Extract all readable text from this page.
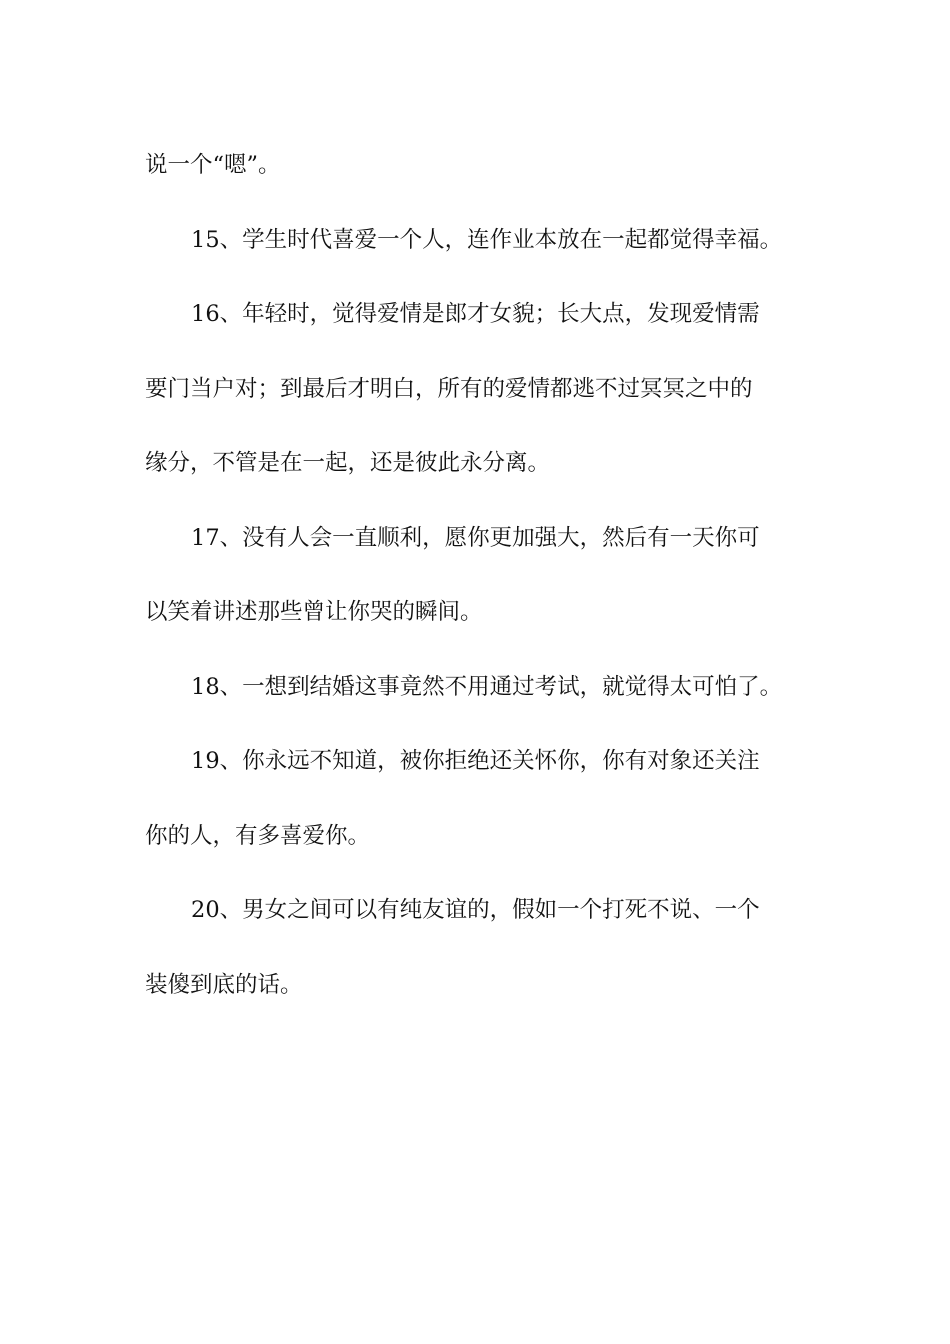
说一个“嗯”。
15、学生时代喜爱一个人，连作业本放在一起都觉得幸福。
16、年轻时，觉得爱情是郎才女貌；长大点，发现爱情需
要门当户对；到最后才明白，所有的爱情都逃不过冥冥之中的
缘分，不管是在一起，还是彼此永分离。
17、没有人会一直顺利，愿你更加强大，然后有一天你可
以笑着讲述那些曾让你哭的瞬间。
18、一想到结婚这事竟然不用通过考试，就觉得太可怕了。
19、你永远不知道，被你拒绝还关怀你，你有对象还关注
你的人，有多喜爱你。
20、男女之间可以有纯友谊的，假如一个打死不说、一个
装傻到底的话。
